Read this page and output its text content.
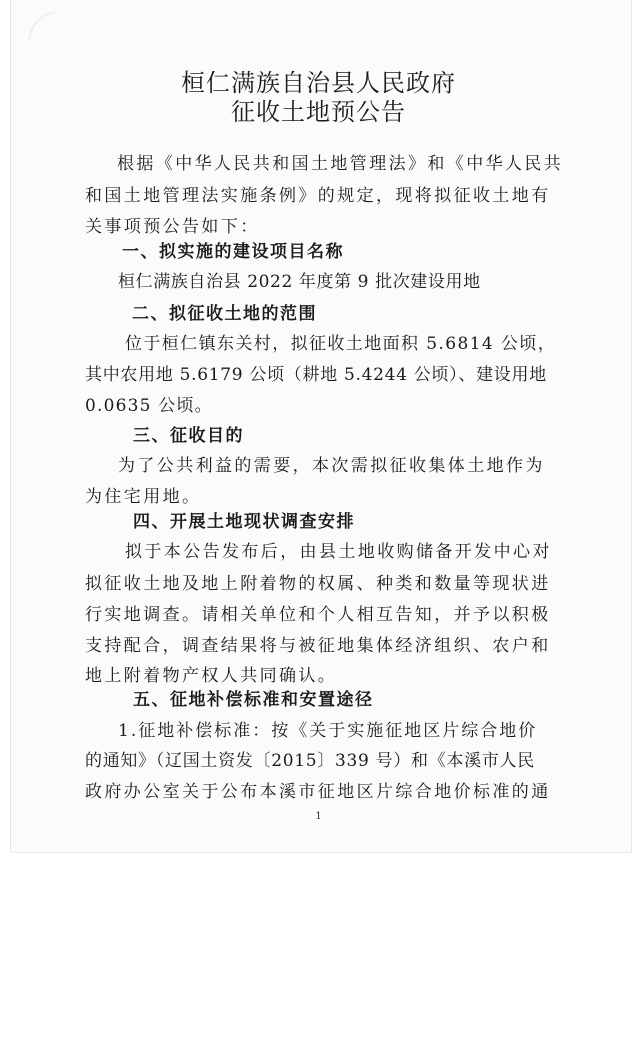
桓仁满族自治县人民政府
征收土地预公告
根据《中华人民共和国土地管理法》和《中华人民共
和国土地管理法实施条例》的规定，现将拟征收土地有
关事项预公告如下：
一、拟实施的建设项目名称
桓仁满族自治县 2022 年度第 9 批次建设用地
二、拟征收土地的范围
位于桓仁镇东关村，拟征收土地面积 5.6814 公顷，
其中农用地 5.6179 公顷（耕地 5.4244 公顷）、建设用地
0.0635 公顷。
三、征收目的
为了公共利益的需要，本次需拟征收集体土地作为
为住宅用地。
四、开展土地现状调查安排
拟于本公告发布后，由县土地收购储备开发中心对
拟征收土地及地上附着物的权属、种类和数量等现状进
行实地调查。请相关单位和个人相互告知，并予以积极
支持配合，调查结果将与被征地集体经济组织、农户和
地上附着物产权人共同确认。
五、征地补偿标准和安置途径
1.征地补偿标准：按《关于实施征地区片综合地价
的通知》（辽国土资发〔2015〕339 号）和《本溪市人民
政府办公室关于公布本溪市征地区片综合地价标准的通
1
